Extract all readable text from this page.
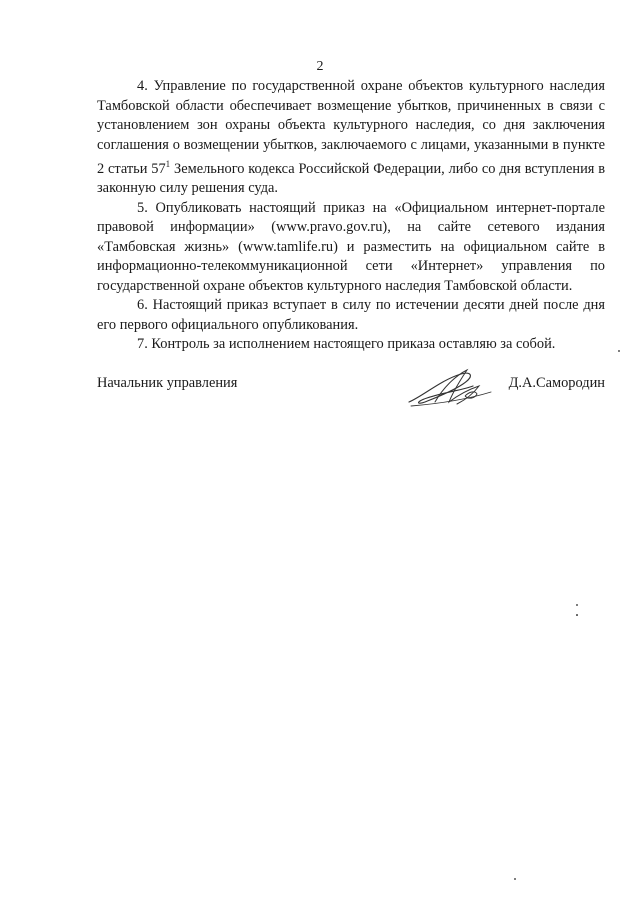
2

4. Управление по государственной охране объектов культурного наследия Тамбовской области обеспечивает возмещение убытков, причиненных в связи с установлением зон охраны объекта культурного наследия, со дня заключения соглашения о возмещении убытков, заключаемого с лицами, указанными в пункте 2 статьи $57^1$ Земельного кодекса Российской Федерации, либо со дня вступления в законную силу решения суда.

5. Опубликовать настоящий приказ на «Официальном интернет-портале правовой информации» (www.pravo.gov.ru), на сайте сетевого издания «Тамбовская жизнь» (www.tamlife.ru) и разместить на официальном сайте в информационно-телекоммуникационной сети «Интернет» управления по государственной охране объектов культурного наследия Тамбовской области.

6. Настоящий приказ вступает в силу по истечении десяти дней после дня его первого официального опубликования.

7. Контроль за исполнением настоящего приказа оставляю за собой.

Начальник управления	Д.А.Самородин
